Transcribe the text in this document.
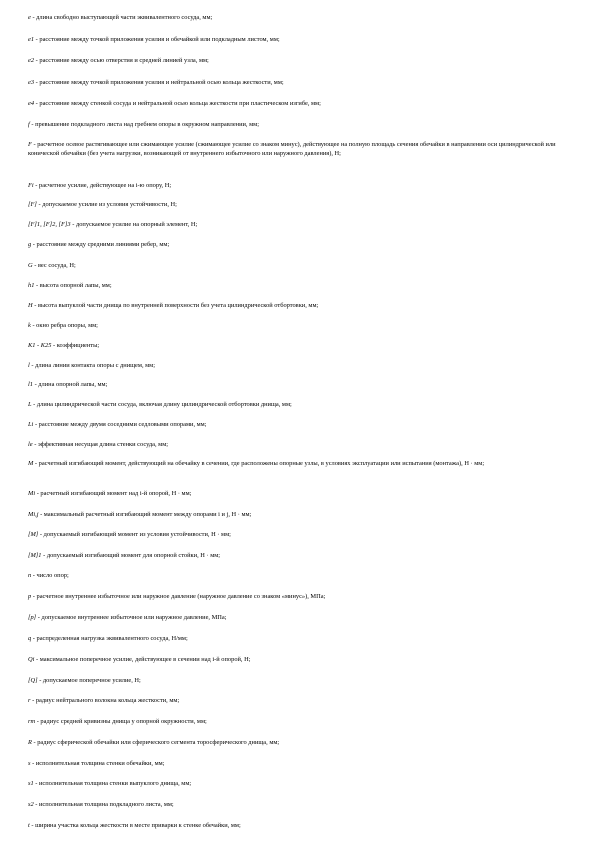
e - длина свободно выступающей части эквивалентного сосуда, мм;

e1 - расстояние между точкой приложения усилия и обечайкой или подкладным листом, мм;

e2 - расстояние между осью отверстия и средней линией узла, мм;

e3 - расстояние между точкой приложения усилия и нейтральной осью кольца жесткости, мм;

e4 - расстояние между стенкой сосуда и нейтральной осью кольца жесткости при пластическом изгибе, мм;

f - превышение подкладного листа над гребнем опоры в окружном направлении, мм;

F - расчетное осевое растягивающее или сжимающее усилие (сжимающее усилие со знаком минус), действующее на полную площадь сечения обечайки в направлении оси цилиндрической или конической обечайки (без учета нагрузки, возникающей от внутреннего избыточного или наружного давления), Н;

Fi - расчетное усилие, действующее на i-ю опору, Н;

[F] - допускаемое усилие из условия устойчивости, Н;

[F]1, [F]2, [F]3 - допускаемое усилие на опорный элемент, Н;

g - расстояние между средними линиями ребер, мм;

G - вес сосуда, Н;

h1 - высота опорной лапы, мм;

H - высота выпуклой части днища по внутренней поверхности без учета цилиндрической отбортовки, мм;

k - окно ребра опоры, мм;

K1 - K25 - коэффициенты;

l - длина линии контакта опоры с днищем, мм;

l1 - длина опорной лапы, мм;

L - длина цилиндрической части сосуда, включая длину цилиндрической отбортовки днища, мм;

Li - расстояние между двумя соседними седловыми опорами, мм;

le - эффективная несущая длина стенки сосуда, мм;

M - расчетный изгибающий момент, действующий на обечайку в сечении, где расположены опорные узлы, в условиях эксплуатации или испытания (монтажа), Н · мм;

Mi - расчетный изгибающий момент над i-й опорой, Н · мм;

Mi,j - максимальный расчетный изгибающий момент между опорами i и j, Н · мм;

[M] - допускаемый изгибающий момент из условия устойчивости, Н · мм;

[M]1 - допускаемый изгибающий момент для опорной стойки, Н · мм;

n - число опор;

p - расчетное внутреннее избыточное или наружное давление (наружное давление со знаком «минус»), МПа;

[p] - допускаемое внутреннее избыточное или наружное давление, МПа;

q - распределенная нагрузка эквивалентного сосуда, Н/мм;

Qi - максимальное поперечное усилие, действующее в сечении над i-й опорой, Н;

[Q] - допускаемое поперечное усилие, Н;

r - радиус нейтрального волокна кольца жесткости, мм;

rm - радиус средней кривизны днища у опорной окружности, мм;

R - радиус сферической обечайки или сферического сегмента торосферического днища, мм;

s - исполнительная толщина стенки обечайки, мм;

s1 - исполнительная толщина стенки выпуклого днища, мм;

s2 - исполнительная толщина подкладного листа, мм;

t - ширина участка кольца жесткости в месте приварки к стенке обечайки, мм;
